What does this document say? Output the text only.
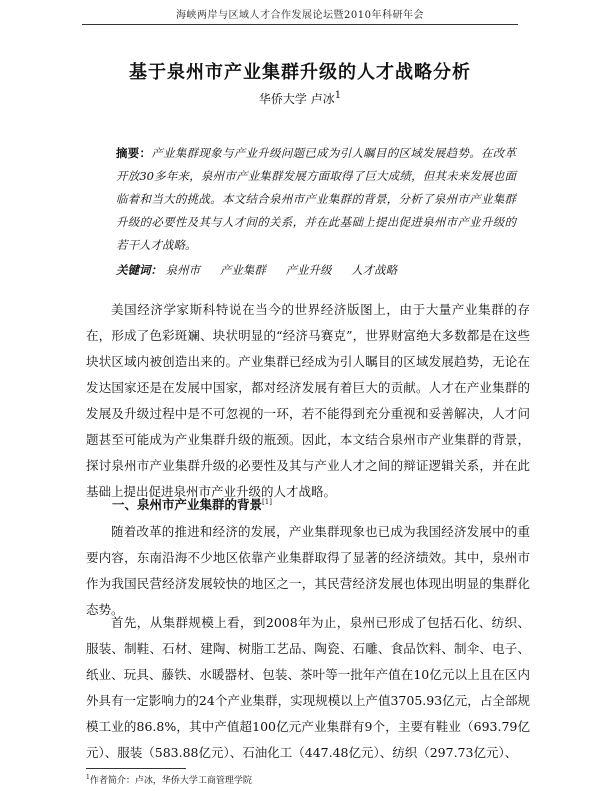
海峡两岸与区域人才合作发展论坛暨2010年科研年会
基于泉州市产业集群升级的人才战略分析
华侨大学 卢冰$^1$
摘要：产业集群现象与产业升级问题已成为引人瞩目的区域发展趋势。在改革开放30多年来，泉州市产业集群发展方面取得了巨大成绩，但其未来发展也面临着和当大的挑战。本文结合泉州市产业集群的背景，分析了泉州市产业集群升级的必要性及其与人才间的关系，并在此基础上提出促进泉州市产业升级的若干人才战略。
关键词： 泉州市 产业集群 产业升级 人才战略
美国经济学家斯科特说在当今的世界经济版图上，由于大量产业集群的存在，形成了色彩斑斓、块状明显的“经济马赛克”，世界财富绝大多数都是在这些块状区域内被创造出来的。产业集群已经成为引人瞩目的区域发展趋势，无论在发达国家还是在发展中国家，都对经济发展有着巨大的贡献。人才在产业集群的发展及升级过程中是不可忽视的一环，若不能得到充分重视和妥善解决，人才问题甚至可能成为产业集群升级的瓶颈。因此，本文结合泉州市产业集群的背景，探讨泉州市产业集群升级的必要性及其与产业人才之间的辩证逻辑关系，并在此基础上提出促进泉州市产业升级的人才战略。
一、泉州市产业集群的背景[1]
随着改革的推进和经济的发展，产业集群现象也已成为我国经济发展中的重要内容，东南沿海不少地区依靠产业集群取得了显著的经济绩效。其中，泉州市作为我国民营经济发展较快的地区之一，其民营经济发展也体现出明显的集群化态势。
首先，从集群规模上看，到2008年为止，泉州已形成了包括石化、纺织、服装、制鞋、石材、建陶、树脂工艺品、陶瓷、石雕、食品饮料、制伞、电子、纸业、玩具、藤铁、水暖器材、包装、茶叶等一批年产值在10亿元以上且在区内外具有一定影响力的24个产业集群，实现规模以上产值3705.93亿元，占全部规模工业的86.8%，其中产值超100亿元产业集群有9个，主要有鞋业（693.79亿元）、服装（583.88亿元）、石油化工（447.48亿元）、纺织（297.73亿元）、
$^1$作者简介：卢冰，华侨大学工商管理学院
